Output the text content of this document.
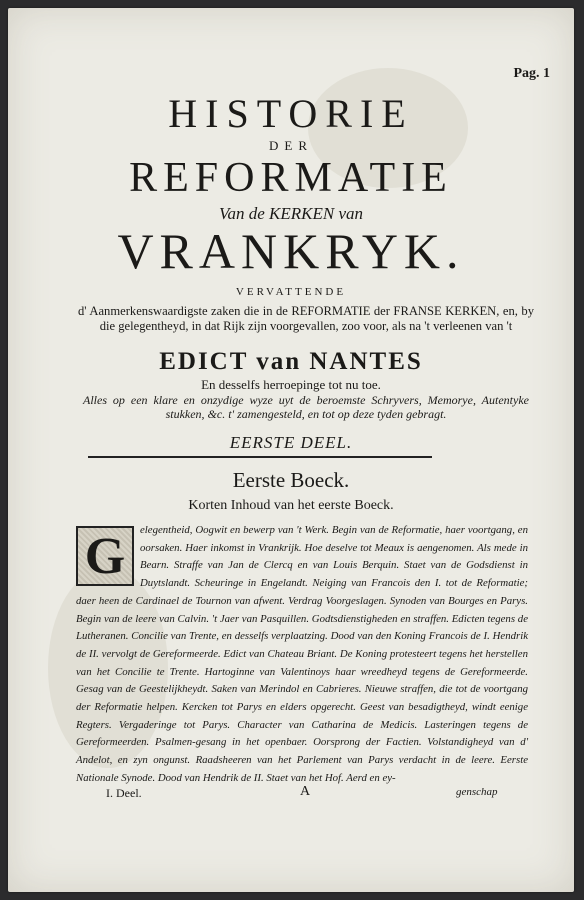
Pag. 1
HISTORIE
DER
REFORMATIE
Van de KERKEN van
VRANKRYK.
VERVATTENDE
d' Aanmerkenswaardigste zaken die in de REFORMATIE der FRANSE KERKEN, en, by die gelegentheyd, in dat Rijk zijn voorgevallen, zoo voor, als na 't verleenen van 't
EDICT van NANTES
En desselfs herroepinge tot nu toe.
Alles op een klare en onzydige wyze uyt de beroemste Schryvers, Memorye, Autentyke stukken, &c. t' zamengesteld, en tot op deze tyden gebragt.
EERSTE DEEL.
Eerste Boeck.
Korten Inhoud van het eerste Boeck.
G	elegentheid, Oogwit en bewerp van 't Werk. Begin van de Reformatie, haer voortgang, en oorsaken. Haer inkomst in Vrankrijk. Hoe deselve tot Meaux is aengenomen. Als mede in Bearn. Straffe van Jan de Clercq en van Louis Berquin. Staet van de Godsdienst in Duytslandt. Scheuringe in Engelandt. Neiging van Francois den I. tot de Reformatie; daer heen de Cardinael de Tournon van afwent. Verdrag Voorgeslagen. Synoden van Bourges en Parys. Begin van de leere van Calvin. 't Jaer van Pasquillen. Godtsdienstigheden en straffen. Edicten tegens de Lutheranen. Concilie van Trente, en desselfs verplaatzing. Dood van den Koning Francois de I. Hendrik de II. vervolgt de Gereformeerde. Edict van Chateau Briant. De Koning protesteert tegens het herstellen van het Concilie te Trente. Hartoginne van Valentinoys haar wreedheyd tegens de Gereformeerde. Gesag van de Geestelijkheydt. Saken van Merindol en Cabrieres. Nieuwe straffen, die tot de voortgang der Reformatie helpen. Kercken tot Parys en elders opgerecht. Geest van besadigtheyd, windt eenige Regters. Vergaderinge tot Parys. Character van Catharina de Medicis. Lasteringen tegens de Gereformeerden. Psalmen-gesang in het openbaer. Oorsprong der Factien. Volstandigheyd van d' Andelot, en zyn ongunst. Raadsheeren van het Parlement van Parys verdacht in de leere. Eerste Nationale Synode. Dood van Hendrik de II. Staet van het Hof. Aerd en ey-
I. Deel.	A	genschap
